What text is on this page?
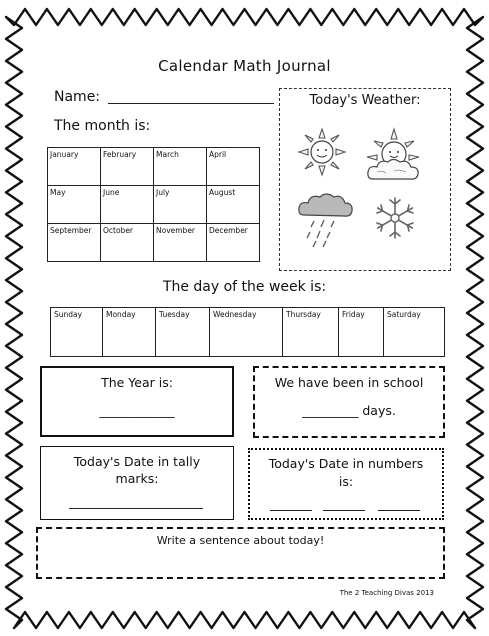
Calendar Math Journal
Name:
The month is:
January	February	March	April
May	June	July	August
September	October	November	December
Today's Weather:
The day of the week is:
Sunday	Monday	Tuesday	Wednesday	Thursday	Friday	Saturday
The Year is:
____________
We have been in school
_________ days.
Today's Date in tally
marks:
Today's Date in numbers
is:
Write a sentence about today!
The 2 Teaching Divas 2013
